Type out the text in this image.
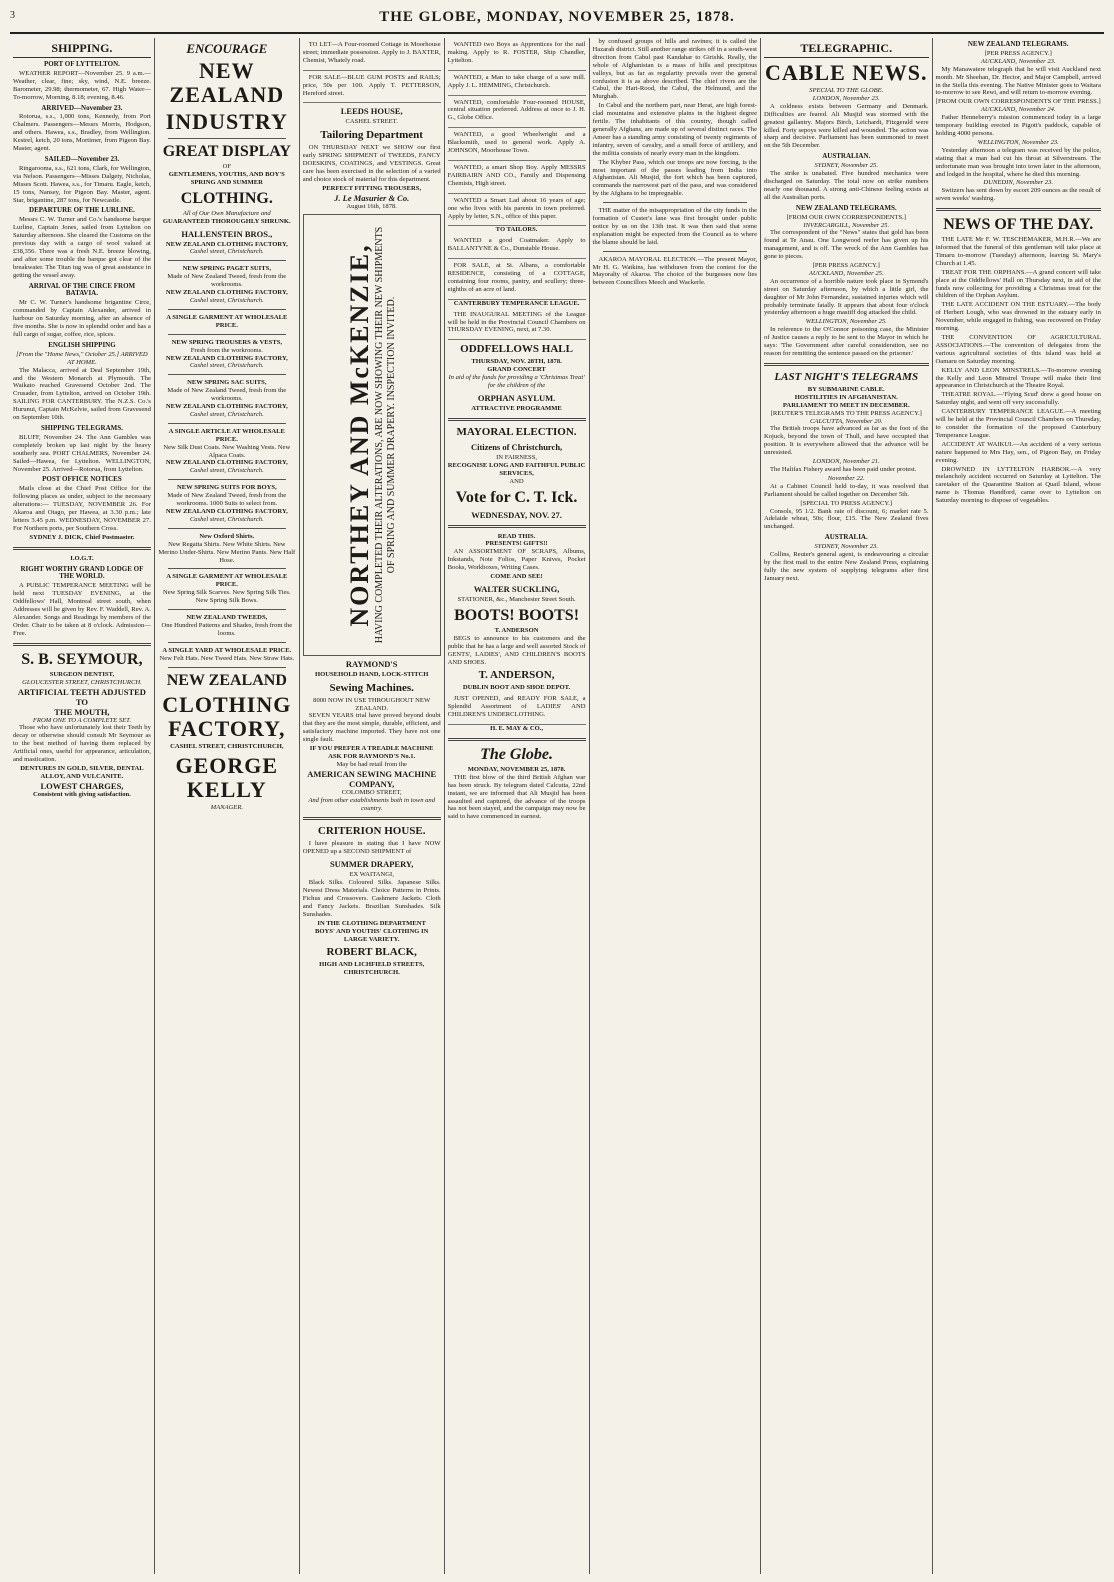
3	THE GLOBE, MONDAY, NOVEMBER 25, 1878.
SHIPPING.
PORT OF LYTTELTON.

WEATHER REPORT—November 25. 9 a.m.—Weather, clear, fine; sky, wind, N.E. breeze. Barometer, 29.98; thermometer, 67. High Water—To-morrow, Morning, 8.18; evening, 8.46.

ARRIVED—November 23.

Rotorua, s.s., 1,000 tons, Kennedy, from Port Chalmers. Passengers—Messrs Morris, Hodgson, and others. Hawea, s.s., Bradley, from Wellington. Kestrel, ketch, 20 tons, Mortimer, from Pigeon Bay. Master, agent.

SAILED—November 23.

Ringarooma, s.s., 621 tons, Clark, for Wellington, via Nelson. Passengers—Misses Dalgety, Nicholas, Misses Scott. Hawea, s.s., for Timaru. Eagle, ketch, 15 tons, Nansey, for Pigeon Bay. Master, agent. Star, brigantine, 287 tons, for Newcastle.

DEPARTURE OF THE LURLINE.

Messrs C. W. Turner and Co.'s handsome barque Lurline, Captain Jones, sailed from Lyttelton on Saturday afternoon. She cleared the Customs on the previous day with a cargo of wool valued at £38,356. There was a fresh N.E. breeze blowing, and after some trouble the barque got clear of the breakwater. The Titan tug was of great assistance in getting the vessel away.

ARRIVAL OF THE CIRCE FROM BATAVIA.

Mr C. W. Turner's handsome brigantine Circe, commanded by Captain Alexander, arrived in harbour on Saturday morning, after an absence of five months. She is now in splendid order and has a full cargo of sugar, coffee, rice, spices.

ENGLISH SHIPPING
[From the "Home News," October 25.] ARRIVED AT HOME.

The Malacca, arrived at Deal September 19th, and the Western Monarch at Plymouth. The Waikato reached Gravesend October 2nd. The Crusader, from Lyttelton, arrived on October 19th. SAILING FOR CANTERBURY. The N.Z.S. Co.'s Hurunui, Captain McKelvie, sailed from Gravesend on September 10th.

SHIPPING TELEGRAMS.

BLUFF, November 24. The Ann Gambles was completely broken up last night by the heavy southerly sea. PORT CHALMERS, November 24. Sailed—Hawea, for Lyttelton. WELLINGTON, November 25. Arrived—Rotorua, from Lyttelton.

POST OFFICE NOTICES

Mails close at the Chief Post Office for the following places as under, subject to the necessary alterations:— TUESDAY, NOVEMBER 26. For Akaroa and Otago, per Hawea, at 3.30 p.m.; late letters 3.45 p.m. WEDNESDAY, NOVEMBER 27. For Northern ports, per Southern Cross.

SYDNEY J. DICK, Chief Postmaster.
I.O.G.T.
RIGHT WORTHY GRAND LODGE OF THE WORLD.

A PUBLIC TEMPERANCE MEETING will be held next TUESDAY EVENING, at the Oddfellows' Hall, Montreal street south, when Addresses will be given by Rev. F. Waddell, Rev. A. Alexander. Songs and Readings by members of the Order. Chair to be taken at 8 o'clock. Admission—Free.

S. B. SEYMOUR,
SURGEON DENTIST,
GLOUCESTER STREET, CHRISTCHURCH.
ARTIFICIAL TEETH ADJUSTED TO
THE MOUTH,
FROM ONE TO A COMPLETE SET.

Those who have unfortunately lost their Teeth by decay or otherwise should consult Mr Seymour as to the best method of having them replaced by Artificial ones, useful for appearance, articulation, and mastication.

DENTURES IN GOLD, SILVER, DENTAL ALLOY, AND VULCANITE.
LOWEST CHARGES,
Consistent with giving satisfaction.
ENCOURAGE
NEW ZEALAND
INDUSTRY
GREAT DISPLAY
OF
GENTLEMENS, YOUTHS, AND BOY'S SPRING AND SUMMER
CLOTHING.
All of Our Own Manufacture and
GUARANTEED THOROUGHLY SHRUNK.
HALLENSTEIN BROS.,
NEW ZEALAND CLOTHING FACTORY,
Cashel street, Christchurch.
NEW SPRING PAGET SUITS,
Made of New Zealand Tweed, fresh from the workrooms.
NEW ZEALAND CLOTHING FACTORY,
Cashel street, Christchurch.
A SINGLE GARMENT AT WHOLESALE PRICE.
NEW SPRING TROUSERS & VESTS,
Fresh from the workrooms.
NEW ZEALAND CLOTHING FACTORY,
Cashel street, Christchurch.
NEW SPRING SAC SUITS,
Made of New Zealand Tweed, fresh from the workrooms.
NEW ZEALAND CLOTHING FACTORY,
Cashel street, Christchurch.
A SINGLE ARTICLE AT WHOLESALE PRICE.
New Silk Dust Coats. New Washing Vests. New Alpaca Coats.
NEW ZEALAND CLOTHING FACTORY,
Cashel street, Christchurch.
NEW SPRING SUITS FOR BOYS,
Made of New Zealand Tweed, fresh from the workrooms. 1000 Suits to select from.
NEW ZEALAND CLOTHING FACTORY,
Cashel street, Christchurch.
New Oxford Shirts.
New Regatta Shirts. New White Shirts. New Merino Under-Shirts. New Merino Pants. New Half Hose.
A SINGLE GARMENT AT WHOLESALE PRICE.
New Spring Silk Scarves. New Spring Silk Ties. New Spring Silk Bows.
NEW ZEALAND TWEEDS,
One Hundred Patterns and Shades, fresh from the looms.
A SINGLE YARD AT WHOLESALE PRICE.
New Felt Hats. New Tweed Hats. New Straw Hats.
NEW ZEALAND
CLOTHING FACTORY,
CASHEL STREET, CHRISTCHURCH,
GEORGE KELLY
MANAGER.

TO LET—A Four-roomed Cottage in Moorhouse street; immediate possession. Apply to J. BAXTER, Chemist, Whately road.

FOR SALE—BLUE GUM POSTS and RAILS; price, 50s per 100. Apply T. PETTERSON, Hereford street.

LEEDS HOUSE,
CASHEL STREET.
Tailoring Department

ON THURSDAY NEXT we SHOW our first early SPRING SHIPMENT of TWEEDS, FANCY DOESKINS, COATINGS, and VESTINGS. Great care has been exercised in the selection of a varied and choice stock of material for this department.

PERFECT FITTING TROUSERS,
J. Le Masurier & Co.
August 16th, 1878.
NORTHEY AND McKENZIE, HAVING COMPLETED THEIR ALTERATIONS, ARE NOW SHOWING THEIR NEW SHIPMENTS OF SPRING AND SUMMER DRAPERY. INSPECTION INVITED.
RAYMOND'S
HOUSEHOLD HAND, LOCK-STITCH
Sewing Machines.
8000 NOW IN USE THROUGHOUT NEW ZEALAND.

SEVEN YEARS trial have proved beyond doubt that they are the most simple, durable, efficient, and satisfactory machine imported. They have not one single fault.

IF YOU PREFER A TREADLE MACHINE ASK FOR RAYMOND'S No.1.
May be had retail from the
AMERICAN SEWING MACHINE COMPANY,
COLOMBO STREET,
And from other establishments both in town and country.
CRITERION HOUSE.

I have pleasure in stating that I have NOW OPENED up a SECOND SHIPMENT of

SUMMER DRAPERY,
EX WAITANGI,

Black Silks. Coloured Silks. Japanese Silks. Newest Dress Materials. Choice Patterns in Prints. Fichus and Crossovers. Cashmere Jackets. Cloth and Fancy Jackets. Brazilian Sunshades. Silk Sunshades.

IN THE CLOTHING DEPARTMENT
BOYS' AND YOUTHS' CLOTHING IN LARGE VARIETY.
ROBERT BLACK,
HIGH AND LICHFIELD STREETS, CHRISTCHURCH.

WANTED two Boys as Apprentices for the nail making. Apply to R. FOSTER, Ship Chandler, Lyttelton.

WANTED, a Man to take charge of a saw mill. Apply J. L. HEMMING, Christchurch.

WANTED, comfortable Four-roomed HOUSE, central situation preferred. Address at once to J. H. G., Globe Office.

WANTED, a good Wheelwright and a Blacksmith, used to general work. Apply A. JOHNSON, Moorhouse Town.

WANTED, a smart Shop Boy. Apply MESSRS FAIRBAIRN AND CO., Family and Dispensing Chemists, High street.

WANTED a Smart Lad about 16 years of age; one who lives with his parents in town preferred. Apply by letter, S.N., office of this paper.

TO TAILORS.

WANTED a good Coatmaker. Apply to BALLANTYNE & Co., Dunstable House.

FOR SALE, at St. Albans, a comfortable RESIDENCE, consisting of a COTTAGE, containing four rooms, pantry, and scullery; three-eighths of an acre of land.

CANTERBURY TEMPERANCE LEAGUE.

THE INAUGURAL MEETING of the League will be held in the Provincial Council Chambers on THURSDAY EVENING, next, at 7.30.

ODDFELLOWS HALL
THURSDAY, NOV. 28TH, 1878.
GRAND CONCERT
In aid of the funds for providing a 'Christmas Treat' for the children of the
ORPHAN ASYLUM.
ATTRACTIVE PROGRAMME
MAYORAL ELECTION.
Citizens of Christchurch,
IN FAIRNESS,
RECOGNISE LONG AND FAITHFUL PUBLIC SERVICES,
AND
Vote for C. T. Ick.
WEDNESDAY, NOV. 27.
READ THIS.
PRESENTS! GIFTS!!

AN ASSORTMENT OF SCRAPS, Albums, Inkstands, Note Folios, Paper Knives, Pocket Books, Workboxes, Writing Cases.

COME AND SEE!
WALTER SUCKLING,
STATIONER, &c., Manchester Street South.
BOOTS! BOOTS!
T. ANDERSON

BEGS to announce to his customers and the public that he has a large and well assorted Stock of GENTS', LADIES', AND CHILDREN'S BOOTS AND SHOES.

T. ANDERSON,
DUBLIN BOOT AND SHOE DEPOT.

JUST OPENED, and READY FOR SALE, a Splendid Assortment of LADIES' AND CHILDREN'S UNDERCLOTHING.

H. E. MAY & CO.,
The Globe.
MONDAY, NOVEMBER 25, 1878.

THE first blow of the third British Afghan war has been struck. By telegram dated Calcutta, 22nd instant, we are informed that Ali Musjid has been assaulted and captured, the advance of the troops has not been stayed, and the campaign may now be said to have commenced in earnest.

by confused groups of hills and ravines; it is called the Hazarah district. Still another range strikes off in a south-west direction from Cabul past Kandahar to Girishk. Really, the whole of Afghanistan is a mass of hills and precipitous valleys, but as far as regularity prevails over the general confusion it is as above described. The chief rivers are the Cabul, the Hari-Rood, the Cabul, the Helmund, and the Murghab.

In Cabul and the northern part, near Herat, are high forest-clad mountains and extensive plains in the highest degree fertile. The inhabitants of this country, though called generally Afghans, are made up of several distinct races. The Ameer has a standing army consisting of twenty regiments of infantry, seven of cavalry, and a small force of artillery, and the militia consists of nearly every man in the kingdom.

The Khyber Pass, which our troops are now forcing, is the most important of the passes leading from India into Afghanistan. Ali Musjid, the fort which has been captured, commands the narrowest part of the pass, and was considered by the Afghans to be impregnable.

THE matter of the misappropriation of the city funds in the formation of Custer's lane was first brought under public notice by us on the 13th inst. It was then said that some explanation might be expected from the Council as to where the blame should be laid.

AKAROA MAYORAL ELECTION.—The present Mayor, Mr H. G. Watkins, has withdrawn from the contest for the Mayoralty of Akaroa. The choice of the burgesses now lies between Councillors Meech and Wackerle.

TELEGRAPHIC.
CABLE NEWS.
SPECIAL TO THE GLOBE.
LONDON, November 23.

A coldness exists between Germany and Denmark. Difficulties are feared. Ali Musjid was stormed with the greatest gallantry. Majors Birch, Leichardt, Fitzgerald were killed. Forty sepoys were killed and wounded. The action was sharp and decisive. Parliament has been summoned to meet on the 5th December.

AUSTRALIAN.
SYDNEY, November 25.

The strike is unabated. Five hundred mechanics were discharged on Saturday. The total now on strike numbers nearly one thousand. A strong anti-Chinese feeling exists at all the Australian ports.

NEW ZEALAND TELEGRAMS.
[FROM OUR OWN CORRESPONDENTS.]
INVERCARGILL, November 25.

The correspondent of the "News" states that gold has been found at Te Anau. One Longwood reefer has given up his management, and is off. The wreck of the Ann Gambles has gone to pieces.

[PER PRESS AGENCY.]
AUCKLAND, November 25.

An occurrence of a horrible nature took place in Symond's street on Saturday afternoon, by which a little girl, the daughter of Mr John Fernandez, sustained injuries which will probably terminate fatally. It appears that about four o'clock yesterday afternoon a huge mastiff dog attacked the child.

WELLINGTON, November 25.

In reference to the O'Connor poisoning case, the Minister of Justice causes a reply to be sent to the Mayor in which he says: 'The Government after careful consideration, see no reason for remitting the sentence passed on the prisoner.'

LAST NIGHT'S TELEGRAMS
BY SUBMARINE CABLE.
HOSTILITIES IN AFGHANISTAN.
PARLIAMENT TO MEET IN DECEMBER.
[REUTER'S TELEGRAMS TO THE PRESS AGENCY.]
CALCUTTA, November 20.

The British troops have advanced as far as the foot of the Kojuck, beyond the town of Thull, and have occupied that position. It is everywhere allowed that the advance will be unresisted.

LONDON, November 21.

The Halifax Fishery award has been paid under protest.

November 22.

At a Cabinet Council held to-day, it was resolved that Parliament should be called together on December 5th.

[SPECIAL TO PRESS AGENCY.]

Consols, 95 1/2. Bank rate of discount, 6; market rate 5. Adelaide wheat, 50s; flour, £15. The New Zealand fives unchanged.

AUSTRALIA.
SYDNEY, November 23.

Collins, Reuter's general agent, is endeavouring a circular by the first mail to the entire New Zealand Press, explaining fully the new system of supplying telegrams after first January next.

NEW ZEALAND TELEGRAMS.
[PER PRESS AGENCY.]
AUCKLAND, November 23.

My Manawatere telegraph that he will visit Auckland next month. Mr Sheehan, Dr. Hector, and Major Campbell, arrived in the Stella this evening. The Native Minister goes to Waitara to-morrow to see Rewi, and will return to-morrow evening.

[FROM OUR OWN CORRESPONDENTS OF THE PRESS.]
AUCKLAND, November 24.

Father Henneberry's mission commenced today in a large temporary building erected in Pigott's paddock, capable of holding 4000 persons.

WELLINGTON, November 23.

Yesterday afternoon a telegram was received by the police, stating that a man had cut his throat at Silverstream. The unfortunate man was brought into town later in the afternoon, and lodged in the hospital, where he died this morning.

DUNEDIN, November 23.

Switzers has sent down by escort 209 ounces as the result of seven weeks' washing.

NEWS OF THE DAY.

THE LATE Mr F. W. TESCHEMAKER, M.H.R.—We are informed that the funeral of this gentleman will take place at Timaru to-morrow (Tuesday) afternoon, leaving St. Mary's Church at 1.45.

TREAT FOR THE ORPHANS.—A grand concert will take place at the Oddfellows' Hall on Thursday next, in aid of the funds now collecting for providing a Christmas treat for the children of the Orphan Asylum.

THE LATE ACCIDENT ON THE ESTUARY.—The body of Herbert Lough, who was drowned in the estuary early in November, while engaged in fishing, was recovered on Friday morning.

THE CONVENTION OF AGRICULTURAL ASSOCIATIONS.—The convention of delegates from the various agricultural societies of this island was held at Oamaru on Saturday morning.

KELLY AND LEON MINSTRELS.—To-morrow evening the Kelly and Leon Minstrel Troupe will make their first appearance in Christchurch at the Theatre Royal.

THEATRE ROYAL.—'Flying Scud' drew a good house on Saturday night, and went off very successfully.

CANTERBURY TEMPERANCE LEAGUE.—A meeting will be held at the Provincial Council Chambers on Thursday, to consider the formation of the proposed Canterbury Temperance League.

ACCIDENT AT WAIKUI.—An accident of a very serious nature happened to Mrs Hay, sen., of Pigeon Bay, on Friday evening.

DROWNED IN LYTTELTON HARBOR.—A very melancholy accident occurred on Saturday at Lyttelton. The caretaker of the Quarantine Station at Quail Island, whose name is Thomas Handford, came over to Lyttelton on Saturday morning to dispose of vegetables.
